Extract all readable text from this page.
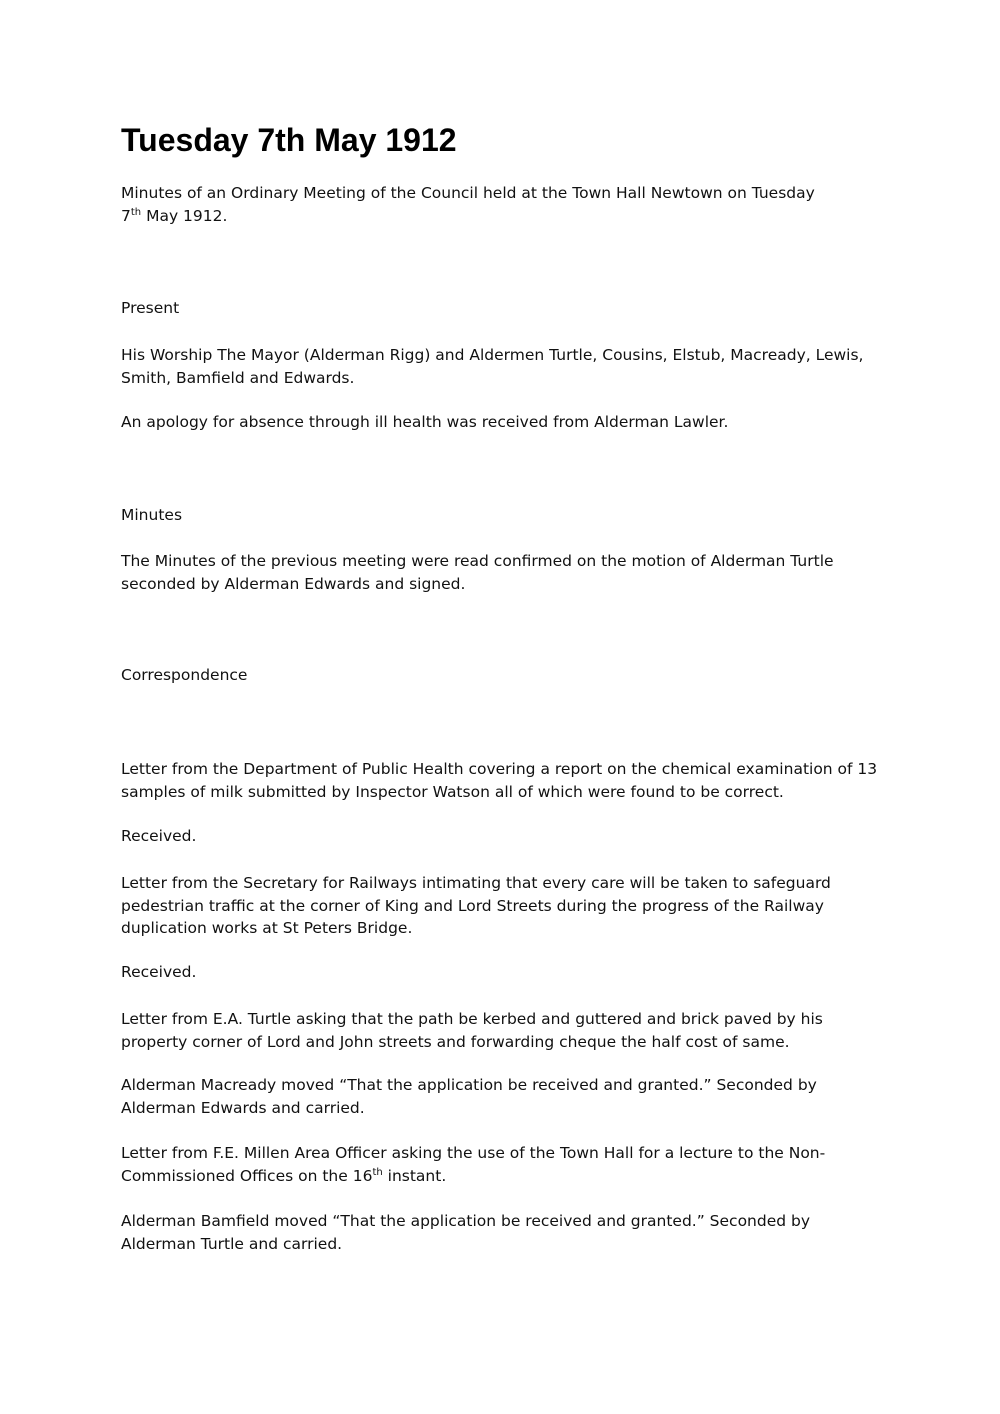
Tuesday 7th May 1912

Minutes of an Ordinary Meeting of the Council held at the Town Hall Newtown on Tuesday
7th May 1912.

Present

His Worship The Mayor (Alderman Rigg) and Aldermen Turtle, Cousins, Elstub, Macready, Lewis,
Smith, Bamfield and Edwards.

An apology for absence through ill health was received from Alderman Lawler.

Minutes

The Minutes of the previous meeting were read confirmed on the motion of Alderman Turtle
seconded by Alderman Edwards and signed.

Correspondence

Letter from the Department of Public Health covering a report on the chemical examination of 13
samples of milk submitted by Inspector Watson all of which were found to be correct.

Received.

Letter from the Secretary for Railways intimating that every care will be taken to safeguard
pedestrian traffic at the corner of King and Lord Streets during the progress of the Railway
duplication works at St Peters Bridge.

Received.

Letter from E.A. Turtle asking that the path be kerbed and guttered and brick paved by his
property corner of Lord and John streets and forwarding cheque the half cost of same.

Alderman Macready moved “That the application be received and granted.” Seconded by
Alderman Edwards and carried.

Letter from F.E. Millen Area Officer asking the use of the Town Hall for a lecture to the Non-
Commissioned Offices on the 16th instant.

Alderman Bamfield moved “That the application be received and granted.” Seconded by
Alderman Turtle and carried.
